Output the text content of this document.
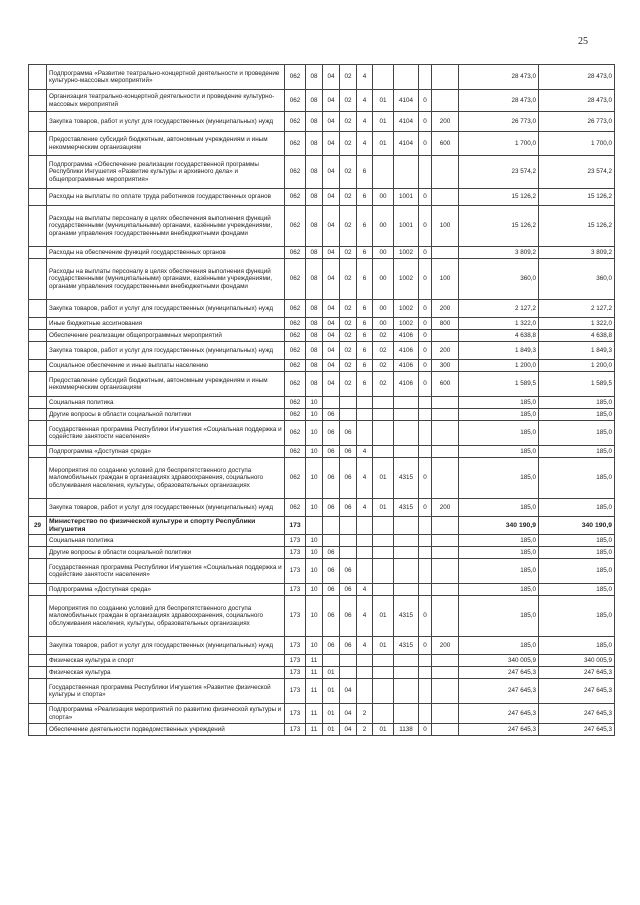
25
	Подпрограмма «Развитие театрально-концертной деятельности и проведение культурно-массовых мероприятий»	062	08	04	02	4					28 473,0	28 473,0
	Организация театрально-концертной деятельности и проведение культурно-массовых мероприятий	062	08	04	02	4	01	4104	0		28 473,0	28 473,0
	Закупка товаров, работ и услуг для государственных (муниципальных) нужд	062	08	04	02	4	01	4104	0	200	26 773,0	26 773,0
	Предоставление субсидий бюджетным, автономным учреждениям и иным некоммерческим организациям	062	08	04	02	4	01	4104	0	600	1 700,0	1 700,0
	Подпрограмма «Обеспечение реализации государственной программы Республики Ингушетия «Развитие культуры и архивного дела» и общепрограммные мероприятия»	062	08	04	02	6					23 574,2	23 574,2
	Расходы на выплаты по оплате труда работников государственных органов	062	08	04	02	6	00	1001	0		15 126,2	15 126,2
	Расходы на выплаты персоналу в целях обеспечения выполнения функций государственными (муниципальными) органами, казёнными учреждениями, органами управления государственными внебюджетными фондами	062	08	04	02	6	00	1001	0	100	15 126,2	15 126,2
	Расходы на обеспечение функций государственных органов	062	08	04	02	6	00	1002	0		3 809,2	3 809,2
	Расходы на выплаты персоналу в целях обеспечения выполнения функций государственными (муниципальными) органами, казёнными учреждениями, органами управления государственными внебюджетными фондами	062	08	04	02	6	00	1002	0	100	360,0	360,0
	Закупка товаров, работ и услуг для государственных (муниципальных) нужд	062	08	04	02	6	00	1002	0	200	2 127,2	2 127,2
	Иные бюджетные ассигнования	062	08	04	02	6	00	1002	0	800	1 322,0	1 322,0
	Обеспечение реализации общепрограммных мероприятий	062	08	04	02	6	02	4106	0		4 638,8	4 638,8
	Закупка товаров, работ и услуг для государственных (муниципальных) нужд	062	08	04	02	6	02	4106	0	200	1 849,3	1 849,3
	Социальное обеспечение и иные выплаты населению	062	08	04	02	6	02	4106	0	300	1 200,0	1 200,0
	Предоставление субсидий бюджетным, автономным учреждениям и иным некоммерческим организациям	062	08	04	02	6	02	4106	0	600	1 589,5	1 589,5
	Социальная политика	062	10								185,0	185,0
	Другие вопросы в области социальной политики	062	10	06							185,0	185,0
	Государственная программа Республики Ингушетия «Социальная поддержка и содействие занятости населения»	062	10	06	06						185,0	185,0
	Подпрограмма «Доступная среда»	062	10	06	06	4					185,0	185,0
	Мероприятия по созданию условий для беспрепятственного доступа маломобильных граждан в организациях здравоохранения, социального обслуживания населения, культуры, образовательных организациях	062	10	06	06	4	01	4315	0		185,0	185,0
	Закупка товаров, работ и услуг для государственных (муниципальных) нужд	062	10	06	06	4	01	4315	0	200	185,0	185,0
29	Министерство по физической культуре и спорту Республики Ингушетия	173									340 190,9	340 190,9
	Социальная политика	173	10								185,0	185,0
	Другие вопросы в области социальной политики	173	10	06							185,0	185,0
	Государственная программа Республики Ингушетия «Социальная поддержка и содействие занятости населения»	173	10	06	06						185,0	185,0
	Подпрограмма «Доступная среда»	173	10	06	06	4					185,0	185,0
	Мероприятия по созданию условий для беспрепятственного доступа маломобильных граждан в организациях здравоохранения, социального обслуживания населения, культуры, образовательных организациях	173	10	06	06	4	01	4315	0		185,0	185,0
	Закупка товаров, работ и услуг для государственных (муниципальных) нужд	173	10	06	06	4	01	4315	0	200	185,0	185,0
	Физическая культура и спорт	173	11								340 005,9	340 005,9
	Физическая культура	173	11	01							247 645,3	247 645,3
	Государственная программа Республики Ингушетия «Развитие физической культуры и спорта»	173	11	01	04						247 645,3	247 645,3
	Подпрограмма «Реализация мероприятий по развитию физической культуры и спорта»	173	11	01	04	2					247 645,3	247 645,3
	Обеспечение деятельности подведомственных учреждений	173	11	01	04	2	01	1138	0		247 645,3	247 645,3
